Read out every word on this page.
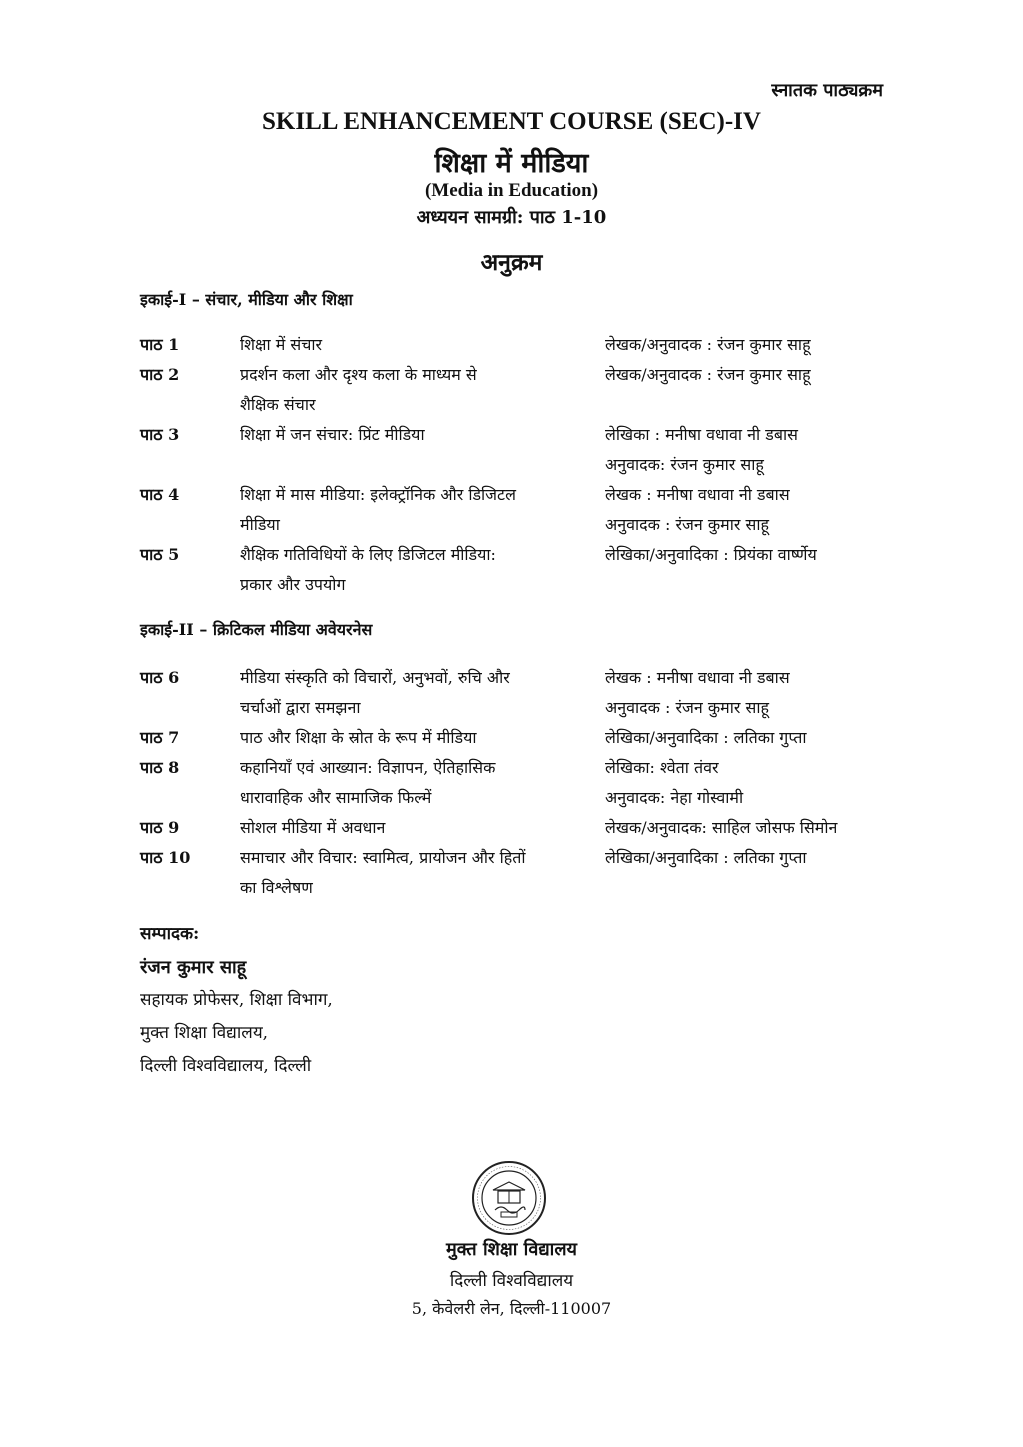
स्नातक पाठ्यक्रम
SKILL ENHANCEMENT COURSE (SEC)-IV
शिक्षा में मीडिया
(Media in Education)
अध्ययन सामग्री: पाठ 1-10
अनुक्रम
इकाई-I – संचार, मीडिया और शिक्षा
पाठ 1	शिक्षा में संचार	लेखक/अनुवादक : रंजन कुमार साहू
पाठ 2	प्रदर्शन कला और दृश्य कला के माध्यम से	लेखक/अनुवादक : रंजन कुमार साहू
शैक्षिक संचार
पाठ 3	शिक्षा में जन संचार: प्रिंट मीडिया	लेखिका : मनीषा वधावा नी डबास
अनुवादक: रंजन कुमार साहू
पाठ 4	शिक्षा में मास मीडिया: इलेक्ट्रॉनिक और डिजिटल	लेखक : मनीषा वधावा नी डबास
मीडिया	अनुवादक : रंजन कुमार साहू
पाठ 5	शैक्षिक गतिविधियों के लिए डिजिटल मीडिया:	लेखिका/अनुवादिका : प्रियंका वार्ष्णेय
प्रकार और उपयोग
इकाई-II – क्रिटिकल मीडिया अवेयरनेस
पाठ 6	मीडिया संस्कृति को विचारों, अनुभवों, रुचि और	लेखक : मनीषा वधावा नी डबास
चर्चाओं द्वारा समझना	अनुवादक : रंजन कुमार साहू
पाठ 7	पाठ और शिक्षा के स्रोत के रूप में मीडिया	लेखिका/अनुवादिका : लतिका गुप्ता
पाठ 8	कहानियाँ एवं आख्यान: विज्ञापन, ऐतिहासिक	लेखिका: श्वेता तंवर
धारावाहिक और सामाजिक फिल्में	अनुवादक: नेहा गोस्वामी
पाठ 9	सोशल मीडिया में अवधान	लेखक/अनुवादक: साहिल जोसफ सिमोन
पाठ 10	समाचार और विचार: स्वामित्व, प्रायोजन और हितों	लेखिका/अनुवादिका : लतिका गुप्ता
का विश्लेषण
सम्पादक:
रंजन कुमार साहू
सहायक प्रोफेसर, शिक्षा विभाग,
मुक्त शिक्षा विद्यालय,
दिल्ली विश्वविद्यालय, दिल्ली
मुक्त शिक्षा विद्यालय
दिल्ली विश्वविद्यालय
5, केवेलरी लेन, दिल्ली-110007
